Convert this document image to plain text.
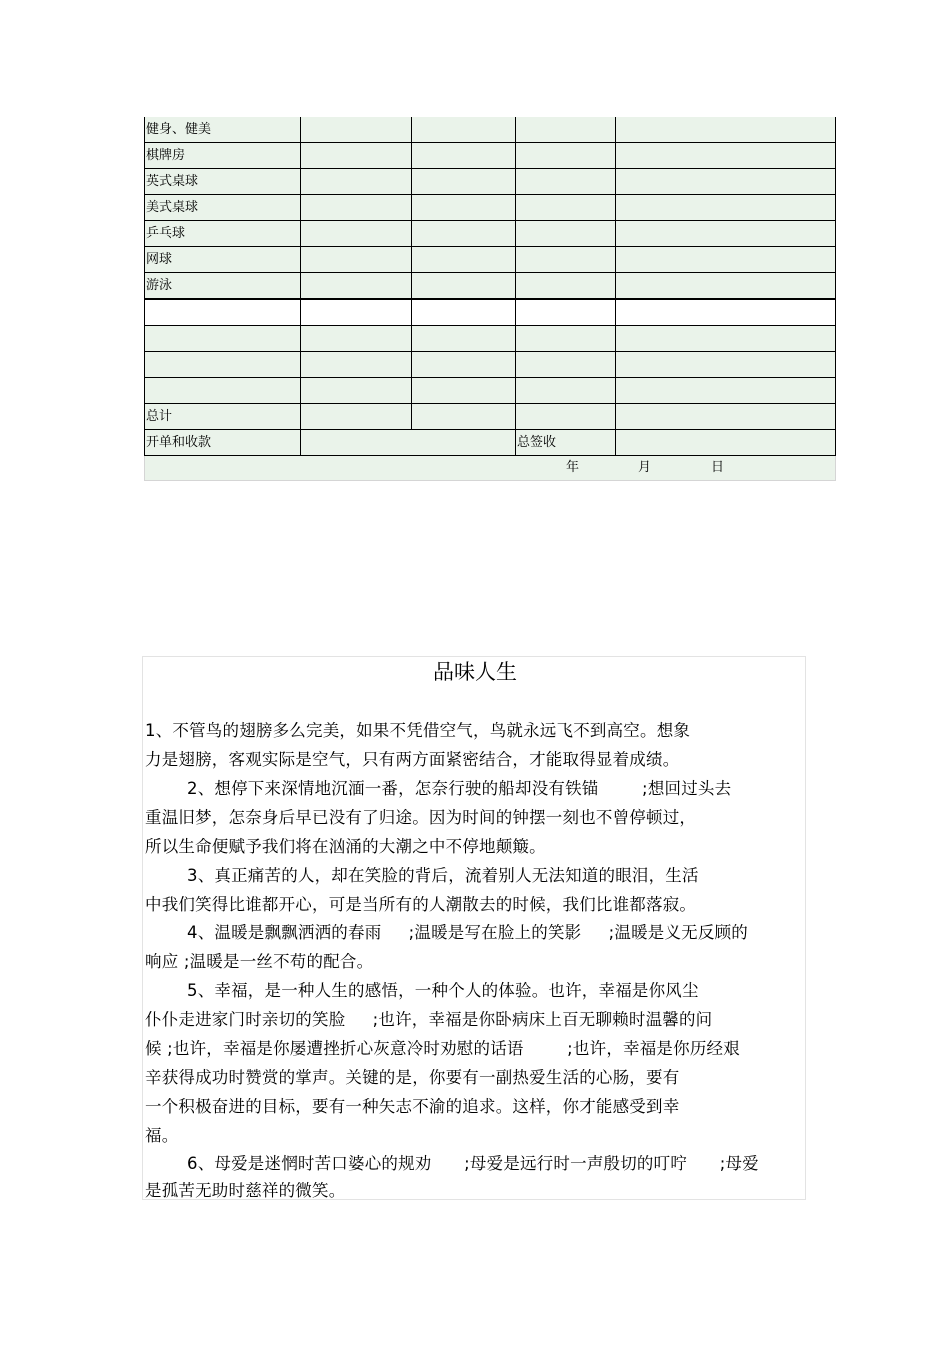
健身、健美				
棋牌房				
英式桌球				
美式桌球				
乒乓球				
网球				
游泳				

总计				
开单和收款			总签收	

年 月 日				
品味人生
1、不管鸟的翅膀多么完美，如果不凭借空气，鸟就永远飞不到高空。想象
力是翅膀，客观实际是空气，只有两方面紧密结合，才能取得显着成绩。
2、想停下来深情地沉湎一番，怎奈行驶的船却没有铁锚        ;想回过头去
重温旧梦，怎奈身后早已没有了归途。因为时间的钟摆一刻也不曾停顿过，
所以生命便赋予我们将在汹涌的大潮之中不停地颠簸。
3、真正痛苦的人，却在笑脸的背后，流着别人无法知道的眼泪，生活
中我们笑得比谁都开心，可是当所有的人潮散去的时候，我们比谁都落寂。
4、温暖是飘飘洒洒的春雨     ;温暖是写在脸上的笑影     ;温暖是义无反顾的
响应 ;温暖是一丝不苟的配合。
5、幸福，是一种人生的感悟，一种个人的体验。也许，幸福是你风尘
仆仆走进家门时亲切的笑脸     ;也许，幸福是你卧病床上百无聊赖时温馨的问
候 ;也许，幸福是你屡遭挫折心灰意冷时劝慰的话语        ;也许，幸福是你历经艰
辛获得成功时赞赏的掌声。关键的是，你要有一副热爱生活的心肠，要有
一个积极奋进的目标，要有一种矢志不渝的追求。这样，你才能感受到幸
福。
6、母爱是迷惘时苦口婆心的规劝      ;母爱是远行时一声殷切的叮咛      ;母爱
是孤苦无助时慈祥的微笑。
